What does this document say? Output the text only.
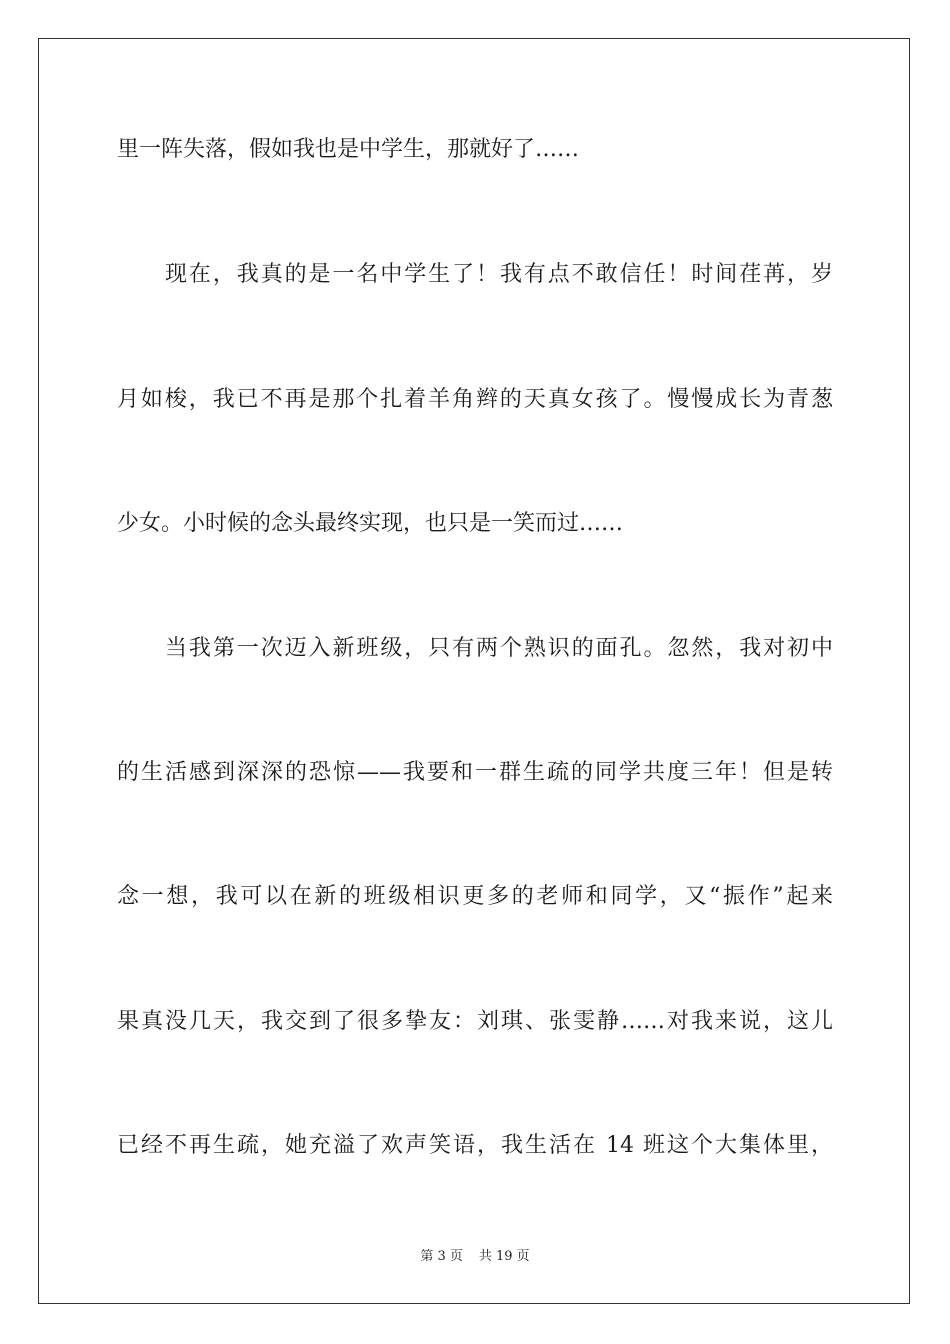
里一阵失落，假如我也是中学生，那就好了……
现在，我真的是一名中学生了！我有点不敢信任！时间荏苒，岁
月如梭，我已不再是那个扎着羊角辫的天真女孩了。慢慢成长为青葱
少女。小时候的念头最终实现，也只是一笑而过……
当我第一次迈入新班级，只有两个熟识的面孔。忽然，我对初中
的生活感到深深的恐惊——我要和一群生疏的同学共度三年！但是转
念一想，我可以在新的班级相识更多的老师和同学，又“振作”起来
果真没几天，我交到了很多挚友：刘琪、张雯静……对我来说，这儿
已经不再生疏，她充溢了欢声笑语，我生活在 14 班这个大集体里，
第 3 页 共 19 页
